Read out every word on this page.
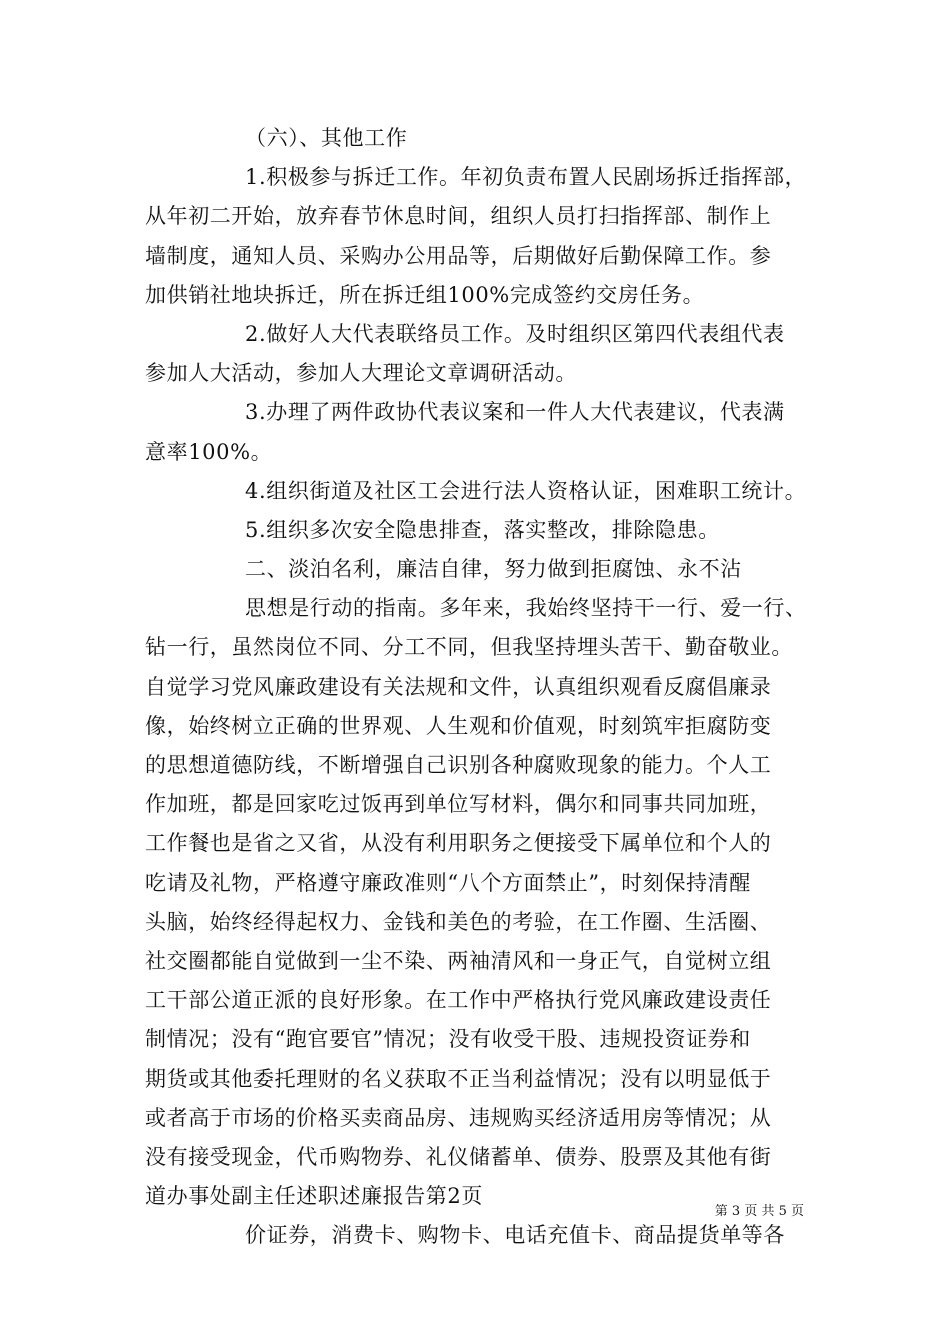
（六）、其他工作
1.积极参与拆迁工作。年初负责布置人民剧场拆迁指挥部，
从年初二开始，放弃春节休息时间，组织人员打扫指挥部、制作上
墙制度，通知人员、采购办公用品等，后期做好后勤保障工作。参
加供销社地块拆迁，所在拆迁组100%完成签约交房任务。
2.做好人大代表联络员工作。及时组织区第四代表组代表
参加人大活动，参加人大理论文章调研活动。
3.办理了两件政协代表议案和一件人大代表建议，代表满
意率100%。
4.组织街道及社区工会进行法人资格认证，困难职工统计。
5.组织多次安全隐患排查，落实整改，排除隐患。
二、淡泊名利，廉洁自律，努力做到拒腐蚀、永不沾
思想是行动的指南。多年来，我始终坚持干一行、爱一行、
钻一行，虽然岗位不同、分工不同，但我坚持埋头苦干、勤奋敬业。
自觉学习党风廉政建设有关法规和文件，认真组织观看反腐倡廉录
像，始终树立正确的世界观、人生观和价值观，时刻筑牢拒腐防变
的思想道德防线，不断增强自己识别各种腐败现象的能力。个人工
作加班，都是回家吃过饭再到单位写材料，偶尔和同事共同加班，
工作餐也是省之又省，从没有利用职务之便接受下属单位和个人的
吃请及礼物，严格遵守廉政准则“八个方面禁止”，时刻保持清醒
头脑，始终经得起权力、金钱和美色的考验，在工作圈、生活圈、
社交圈都能自觉做到一尘不染、两袖清风和一身正气，自觉树立组
工干部公道正派的良好形象。在工作中严格执行党风廉政建设责任
制情况；没有“跑官要官”情况；没有收受干股、违规投资证券和
期货或其他委托理财的名义获取不正当利益情况；没有以明显低于
或者高于市场的价格买卖商品房、违规购买经济适用房等情况；从
没有接受现金，代币购物券、礼仪储蓄单、债券、股票及其他有街
道办事处副主任述职述廉报告第2页
价证券，消费卡、购物卡、电话充值卡、商品提货单等各
第 3 页 共 5 页
